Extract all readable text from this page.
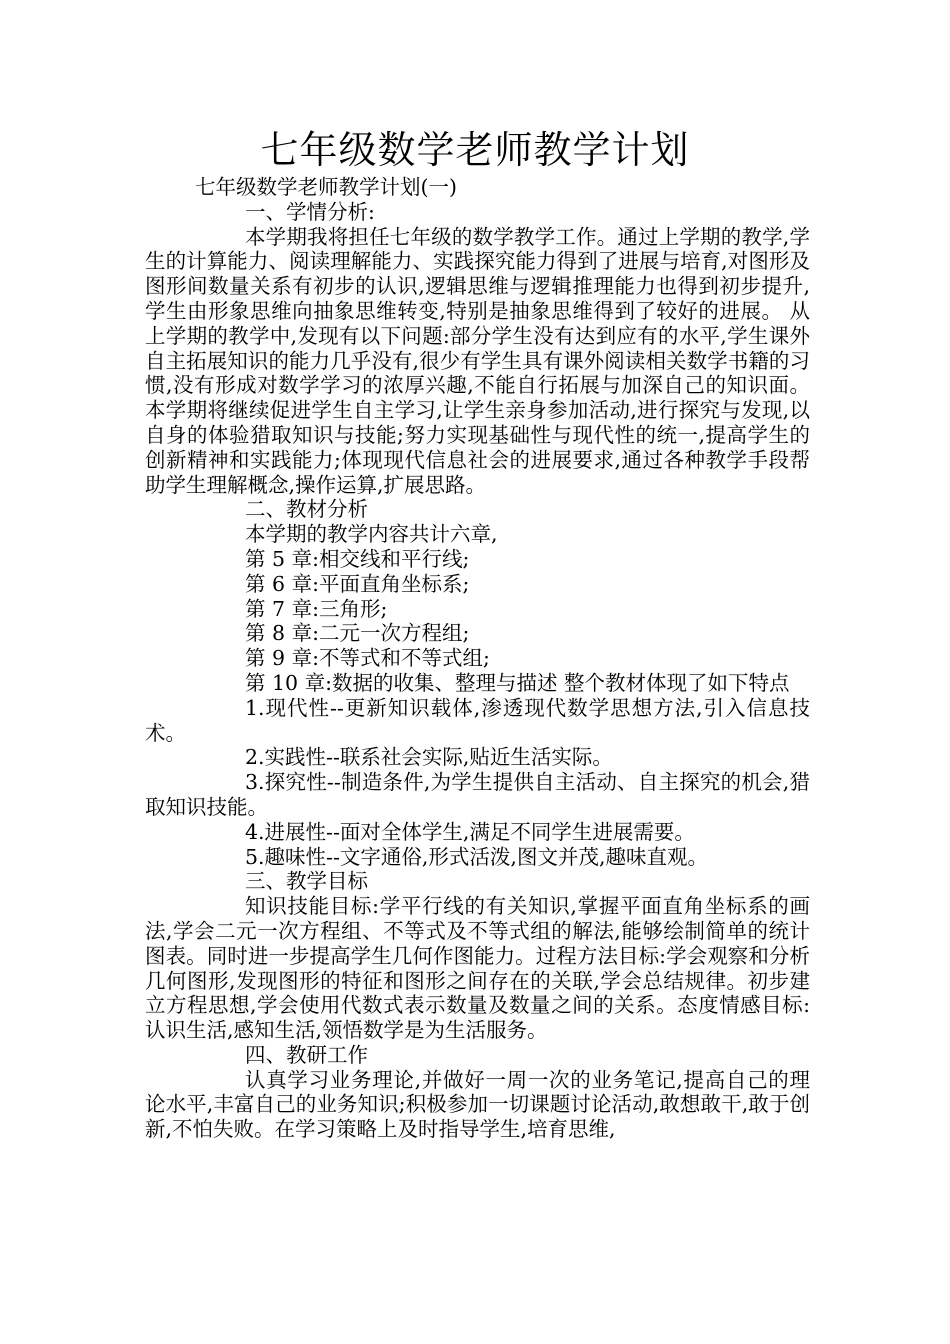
七年级数学老师教学计划

七年级数学老师教学计划(一)

一、学情分析:

本学期我将担任七年级的数学教学工作。通过上学期的教学,学生的计算能力、阅读理解能力、实践探究能力得到了进展与培育,对图形及图形间数量关系有初步的认识,逻辑思维与逻辑推理能力也得到初步提升,学生由形象思维向抽象思维转变,特别是抽象思维得到了较好的进展。 从上学期的教学中,发现有以下问题:部分学生没有达到应有的水平,学生课外自主拓展知识的能力几乎没有,很少有学生具有课外阅读相关数学书籍的习惯,没有形成对数学学习的浓厚兴趣,不能自行拓展与加深自己的知识面。本学期将继续促进学生自主学习,让学生亲身参加活动,进行探究与发现,以自身的体验猎取知识与技能;努力实现基础性与现代性的统一,提高学生的创新精神和实践能力;体现现代信息社会的进展要求,通过各种教学手段帮助学生理解概念,操作运算,扩展思路。

二、教材分析

本学期的教学内容共计六章,

第 5 章:相交线和平行线;

第 6 章:平面直角坐标系;

第 7 章:三角形;

第 8 章:二元一次方程组;

第 9 章:不等式和不等式组;

第 10 章:数据的收集、整理与描述 整个教材体现了如下特点

1.现代性--更新知识载体,渗透现代数学思想方法,引入信息技术。

2.实践性--联系社会实际,贴近生活实际。

3.探究性--制造条件,为学生提供自主活动、自主探究的机会,猎取知识技能。

4.进展性--面对全体学生,满足不同学生进展需要。

5.趣味性--文字通俗,形式活泼,图文并茂,趣味直观。

三、教学目标

知识技能目标:学平行线的有关知识,掌握平面直角坐标系的画法,学会二元一次方程组、不等式及不等式组的解法,能够绘制简单的统计图表。同时进一步提高学生几何作图能力。过程方法目标:学会观察和分析几何图形,发现图形的特征和图形之间存在的关联,学会总结规律。初步建立方程思想,学会使用代数式表示数量及数量之间的关系。态度情感目标:认识生活,感知生活,领悟数学是为生活服务。

四、教研工作

认真学习业务理论,并做好一周一次的业务笔记,提高自己的理论水平,丰富自己的业务知识;积极参加一切课题讨论活动,敢想敢干,敢于创新,不怕失败。在学习策略上及时指导学生,培育思维,
